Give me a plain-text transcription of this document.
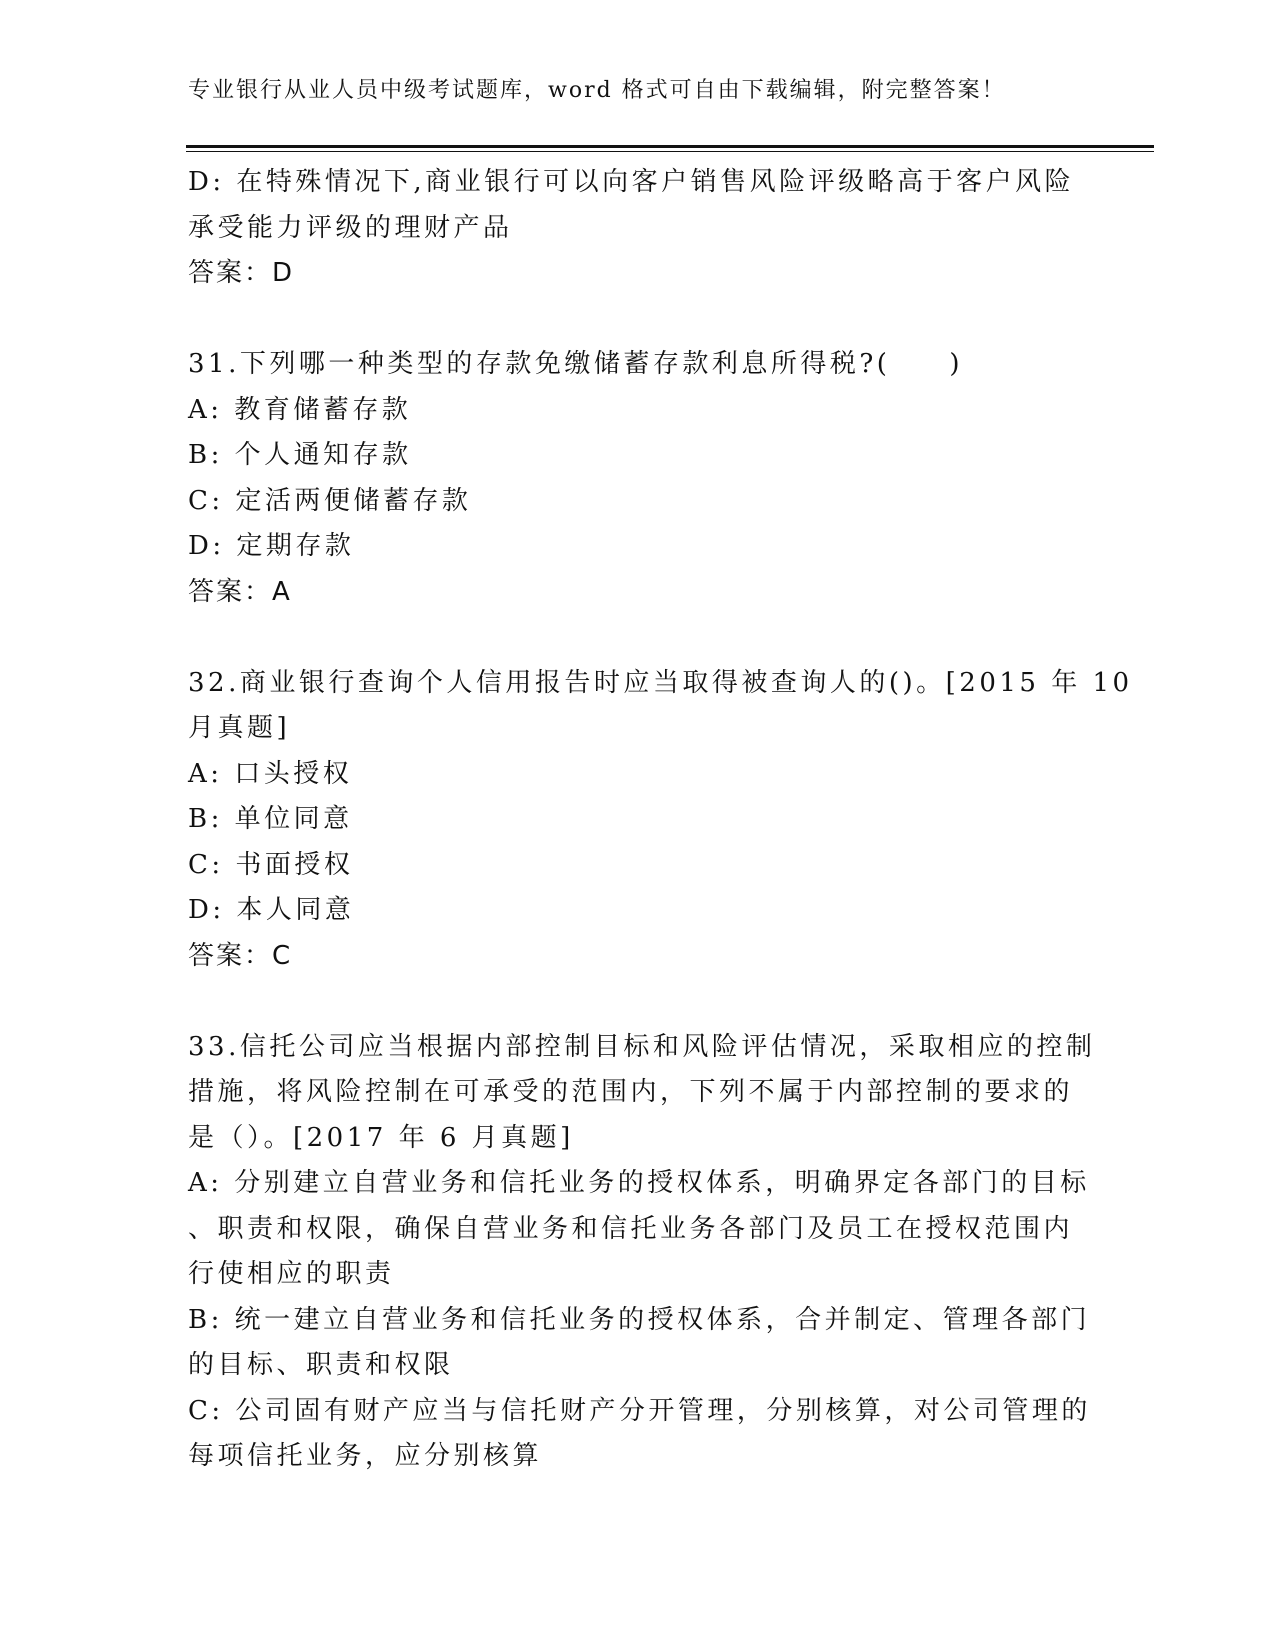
专业银行从业人员中级考试题库，word 格式可自由下载编辑，附完整答案！
D: 在特殊情况下,商业银行可以向客户销售风险评级略高于客户风险
承受能力评级的理财产品
答案：D
31.下列哪一种类型的存款免缴储蓄存款利息所得税?(　　)
A: 教育储蓄存款
B: 个人通知存款
C: 定活两便储蓄存款
D: 定期存款
答案：A
32.商业银行查询个人信用报告时应当取得被查询人的()。[2015 年 10
月真题]
A: 口头授权
B: 单位同意
C: 书面授权
D: 本人同意
答案：C
33.信托公司应当根据内部控制目标和风险评估情况，采取相应的控制
措施，将风险控制在可承受的范围内，下列不属于内部控制的要求的
是（）。[2017 年 6 月真题]
A: 分别建立自营业务和信托业务的授权体系，明确界定各部门的目标
、职责和权限，确保自营业务和信托业务各部门及员工在授权范围内
行使相应的职责
B: 统一建立自营业务和信托业务的授权体系，合并制定、管理各部门
的目标、职责和权限
C: 公司固有财产应当与信托财产分开管理，分别核算，对公司管理的
每项信托业务，应分别核算
